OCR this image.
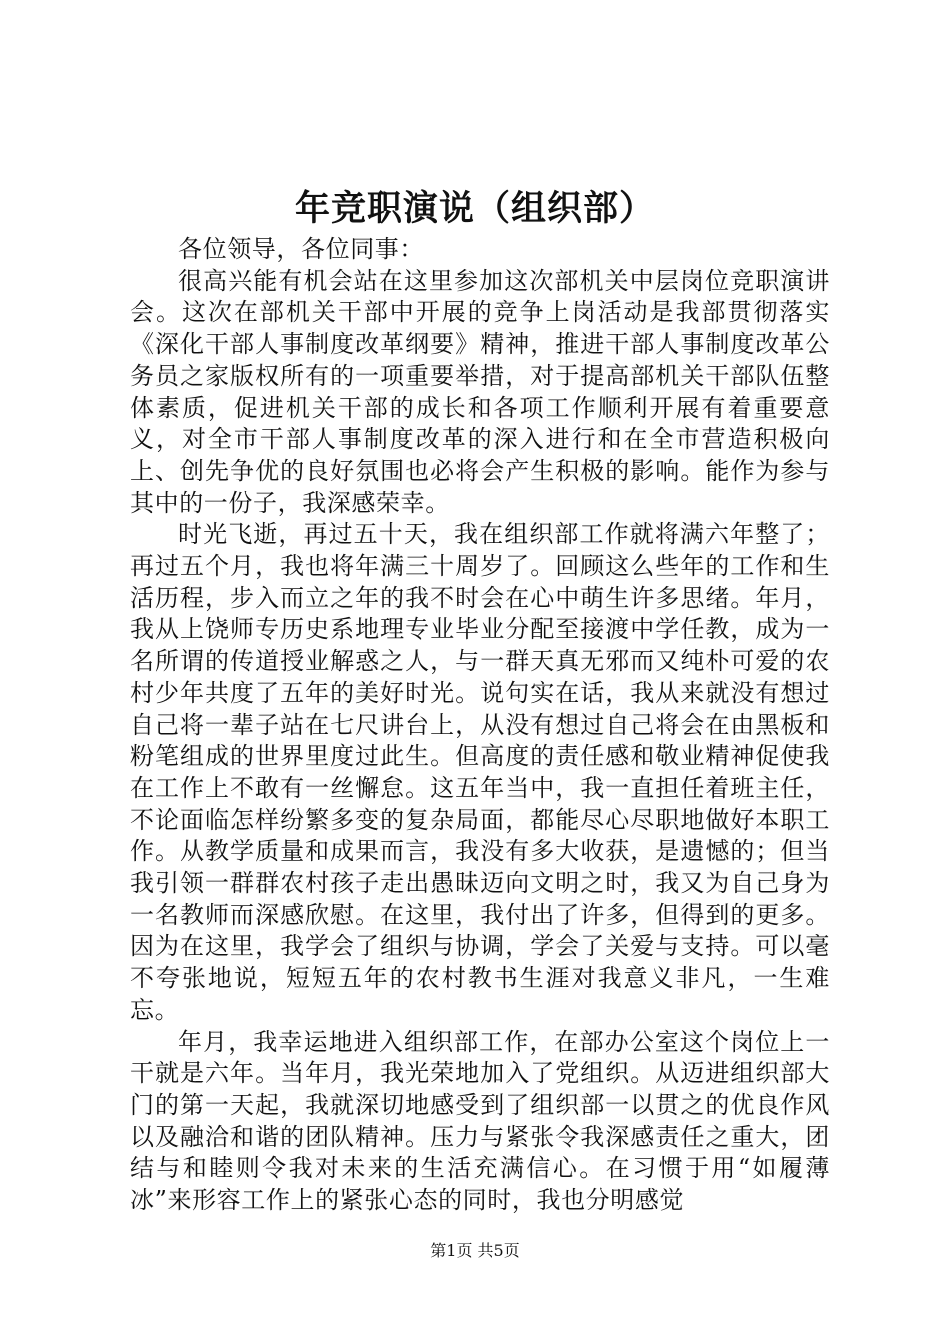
年竞职演说（组织部）

各位领导，各位同事：

很高兴能有机会站在这里参加这次部机关中层岗位竞职演讲会。这次在部机关干部中开展的竞争上岗活动是我部贯彻落实《深化干部人事制度改革纲要》精神，推进干部人事制度改革公务员之家版权所有的一项重要举措，对于提高部机关干部队伍整体素质，促进机关干部的成长和各项工作顺利开展有着重要意义，对全市干部人事制度改革的深入进行和在全市营造积极向上、创先争优的良好氛围也必将会产生积极的影响。能作为参与其中的一份子，我深感荣幸。

时光飞逝，再过五十天，我在组织部工作就将满六年整了；再过五个月，我也将年满三十周岁了。回顾这么些年的工作和生活历程，步入而立之年的我不时会在心中萌生许多思绪。年月，我从上饶师专历史系地理专业毕业分配至接渡中学任教，成为一名所谓的传道授业解惑之人，与一群天真无邪而又纯朴可爱的农村少年共度了五年的美好时光。说句实在话，我从来就没有想过自己将一辈子站在七尺讲台上，从没有想过自己将会在由黑板和粉笔组成的世界里度过此生。但高度的责任感和敬业精神促使我在工作上不敢有一丝懈怠。这五年当中，我一直担任着班主任，不论面临怎样纷繁多变的复杂局面，都能尽心尽职地做好本职工作。从教学质量和成果而言，我没有多大收获，是遗憾的；但当我引领一群群农村孩子走出愚昧迈向文明之时，我又为自己身为一名教师而深感欣慰。在这里，我付出了许多，但得到的更多。因为在这里，我学会了组织与协调，学会了关爱与支持。可以毫不夸张地说，短短五年的农村教书生涯对我意义非凡，一生难忘。

年月，我幸运地进入组织部工作，在部办公室这个岗位上一干就是六年。当年月，我光荣地加入了党组织。从迈进组织部大门的第一天起，我就深切地感受到了组织部一以贯之的优良作风以及融洽和谐的团队精神。压力与紧张令我深感责任之重大，团结与和睦则令我对未来的生活充满信心。在习惯于用“如履薄冰”来形容工作上的紧张心态的同时，我也分明感觉

第1页 共5页
